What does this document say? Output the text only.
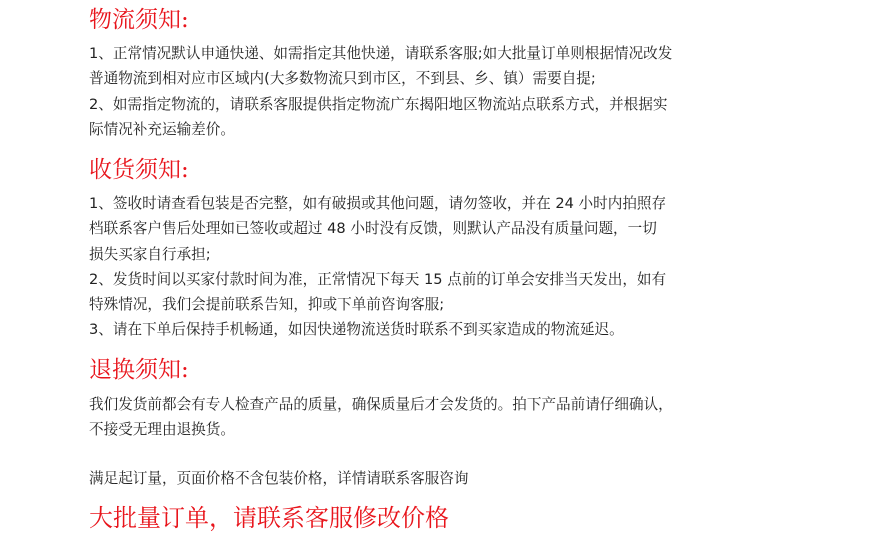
物流须知:
1、正常情况默认申通快递、如需指定其他快递，请联系客服;如大批量订单则根据情况改发
普通物流到相对应市区域内(大多数物流只到市区，不到县、乡、镇）需要自提;
2、如需指定物流的，请联系客服提供指定物流广东揭阳地区物流站点联系方式，并根据实
际情况补充运输差价。
收货须知:
1、签收时请查看包装是否完整，如有破损或其他问题，请勿签收，并在 24 小时内拍照存
档联系客户售后处理如已签收或超过 48 小时没有反馈，则默认产品没有质量问题，一切
损失买家自行承担;
2、发货时间以买家付款时间为准，正常情况下每天 15 点前的订单会安排当天发出，如有
特殊情况，我们会提前联系告知，抑或下单前咨询客服;
3、请在下单后保持手机畅通，如因快递物流送货时联系不到买家造成的物流延迟。
退换须知:
我们发货前都会有专人检查产品的质量，确保质量后才会发货的。拍下产品前请仔细确认，
不接受无理由退换货。

满足起订量，页面价格不含包装价格，详情请联系客服咨询

大批量订单，请联系客服修改价格
